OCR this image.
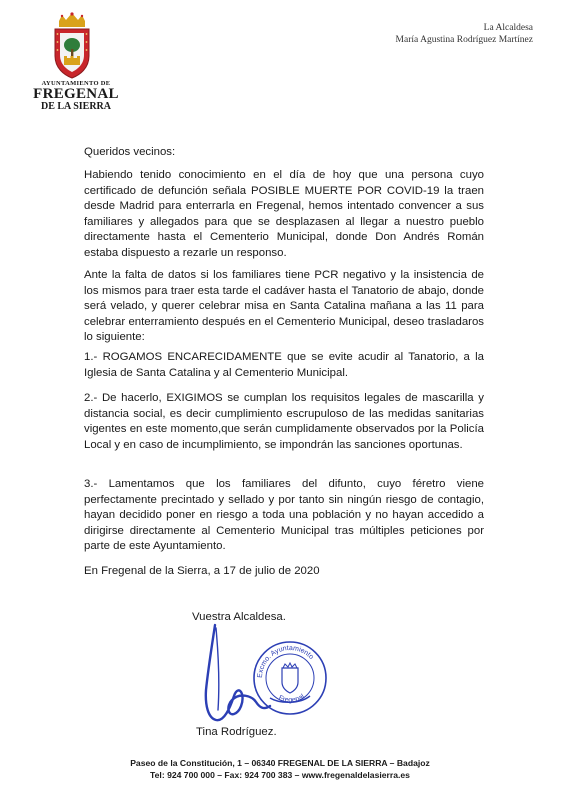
AYUNTAMIENTO DE
FREGENAL
DE LA SIERRA
La Alcaldesa
María Agustina Rodríguez Martínez
Queridos vecinos:
Habiendo tenido conocimiento en el día de hoy que una persona cuyo certificado de defunción señala POSIBLE MUERTE POR COVID-19 la traen desde Madrid para enterrarla en Fregenal, hemos intentado convencer a sus familiares y allegados para que se desplazasen al llegar a nuestro pueblo directamente hasta el Cementerio Municipal, donde Don Andrés Román estaba dispuesto a rezarle un responso.
Ante la falta de datos si los familiares tiene PCR negativo y la insistencia de los mismos para traer esta tarde el cadáver hasta el Tanatorio de abajo, donde será velado, y querer celebrar misa en Santa Catalina mañana a las 11 para celebrar enterramiento después en el Cementerio Municipal, deseo trasladaros lo siguiente:
1.- ROGAMOS ENCARECIDAMENTE que se evite acudir al Tanatorio, a la Iglesia de Santa Catalina y al Cementerio Municipal.
2.- De hacerlo, EXIGIMOS se cumplan los requisitos legales de mascarilla y distancia social, es decir cumplimiento escrupuloso de las medidas sanitarias vigentes en este momento,que serán cumplidamente observados por la Policía Local y en caso de incumplimiento, se impondrán las sanciones oportunas.
3.- Lamentamos que los familiares del difunto, cuyo féretro viene perfectamente precintado y sellado y por tanto sin ningún riesgo de contagio, hayan decidido poner en riesgo a toda una población y no hayan accedido a dirigirse directamente al Cementerio Municipal tras múltiples peticiones por parte de este Ayuntamiento.
En Fregenal de la Sierra, a 17 de julio de 2020
Vuestra Alcaldesa.
Excmo. Ayuntamiento
Fregenal
Tina Rodríguez.
Paseo de la Constitución, 1 – 06340 FREGENAL DE LA SIERRA – Badajoz
Tel: 924 700 000 – Fax: 924 700 383 – www.fregenaldelasierra.es
